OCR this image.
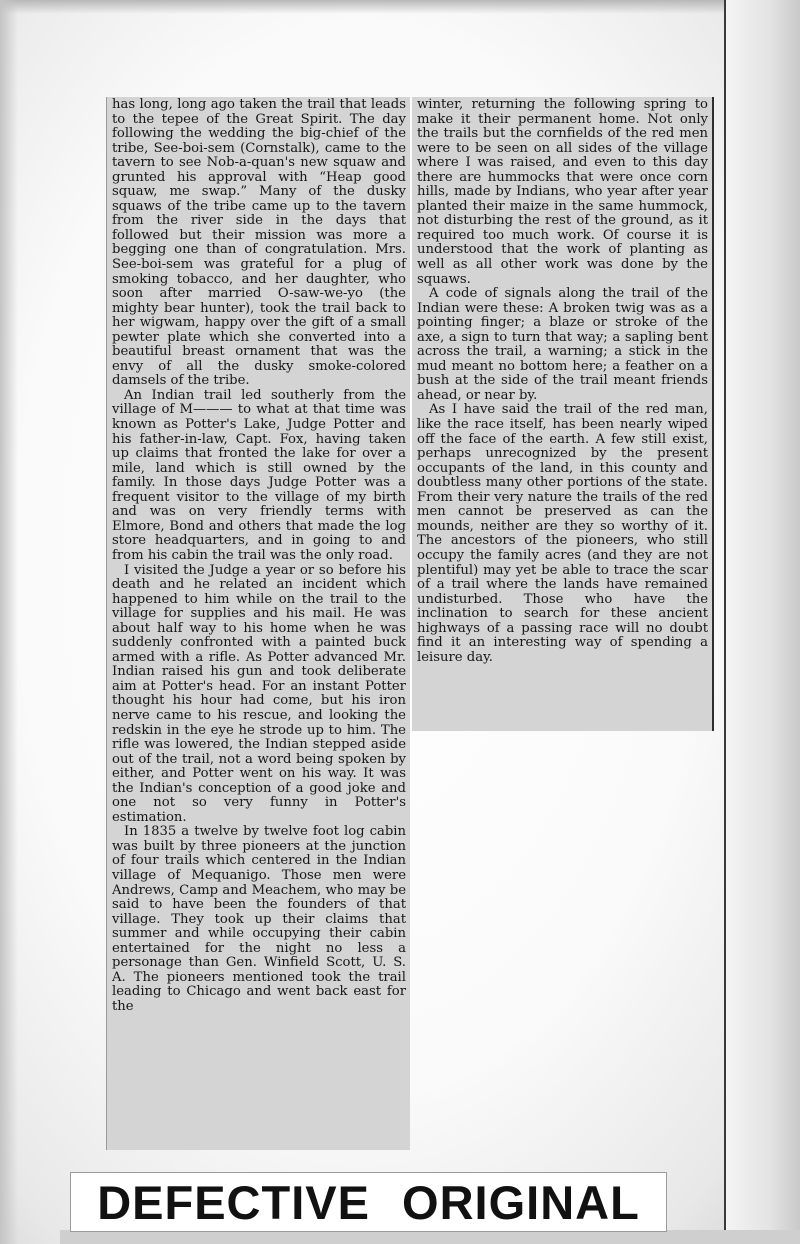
has long, long ago taken the trail that leads to the tepee of the Great Spirit. The day following the wedding the big-chief of the tribe, See-boi-sem (Cornstalk), came to the tavern to see Nob-a-quan's new squaw and grunted his approval with “Heap good squaw, me swap.” Many of the dusky squaws of the tribe came up to the tavern from the river side in the days that followed but their mission was more a begging one than of congratulation. Mrs. See-boi-sem was grateful for a plug of smoking tobacco, and her daughter, who soon after married O-saw-we-yo (the mighty bear hunter), took the trail back to her wigwam, happy over the gift of a small pewter plate which she converted into a beautiful breast ornament that was the envy of all the dusky smoke-colored damsels of the tribe.

An Indian trail led southerly from the village of M——— to what at that time was known as Potter's Lake, Judge Potter and his father-in-law, Capt. Fox, having taken up claims that fronted the lake for over a mile, land which is still owned by the family. In those days Judge Potter was a frequent visitor to the village of my birth and was on very friendly terms with Elmore, Bond and others that made the log store headquarters, and in going to and from his cabin the trail was the only road.

I visited the Judge a year or so before his death and he related an incident which happened to him while on the trail to the village for supplies and his mail. He was about half way to his home when he was suddenly confronted with a painted buck armed with a rifle. As Potter advanced Mr. Indian raised his gun and took deliberate aim at Potter's head. For an instant Potter thought his hour had come, but his iron nerve came to his rescue, and looking the redskin in the eye he strode up to him. The rifle was lowered, the Indian stepped aside out of the trail, not a word being spoken by either, and Potter went on his way. It was the Indian's conception of a good joke and one not so very funny in Potter's estimation.

In 1835 a twelve by twelve foot log cabin was built by three pioneers at the junction of four trails which centered in the Indian village of Mequanigo. Those men were Andrews, Camp and Meachem, who may be said to have been the founders of that village. They took up their claims that summer and while occupying their cabin entertained for the night no less a personage than Gen. Winfield Scott, U. S. A. The pioneers mentioned took the trail leading to Chicago and went back east for the

winter, returning the following spring to make it their permanent home. Not only the trails but the cornfields of the red men were to be seen on all sides of the village where I was raised, and even to this day there are hummocks that were once corn hills, made by Indians, who year after year planted their maize in the same hummock, not disturbing the rest of the ground, as it required too much work. Of course it is understood that the work of planting as well as all other work was done by the squaws.

A code of signals along the trail of the Indian were these: A broken twig was as a pointing finger; a blaze or stroke of the axe, a sign to turn that way; a sapling bent across the trail, a warning; a stick in the mud meant no bottom here; a feather on a bush at the side of the trail meant friends ahead, or near by.

As I have said the trail of the red man, like the race itself, has been nearly wiped off the face of the earth. A few still exist, perhaps unrecognized by the present occupants of the land, in this county and doubtless many other portions of the state. From their very nature the trails of the red men cannot be preserved as can the mounds, neither are they so worthy of it. The ancestors of the pioneers, who still occupy the family acres (and they are not plentiful) may yet be able to trace the scar of a trail where the lands have remained undisturbed. Those who have the inclination to search for these ancient highways of a passing race will no doubt find it an interesting way of spending a leisure day.

DEFECTIVE ORIGINAL
